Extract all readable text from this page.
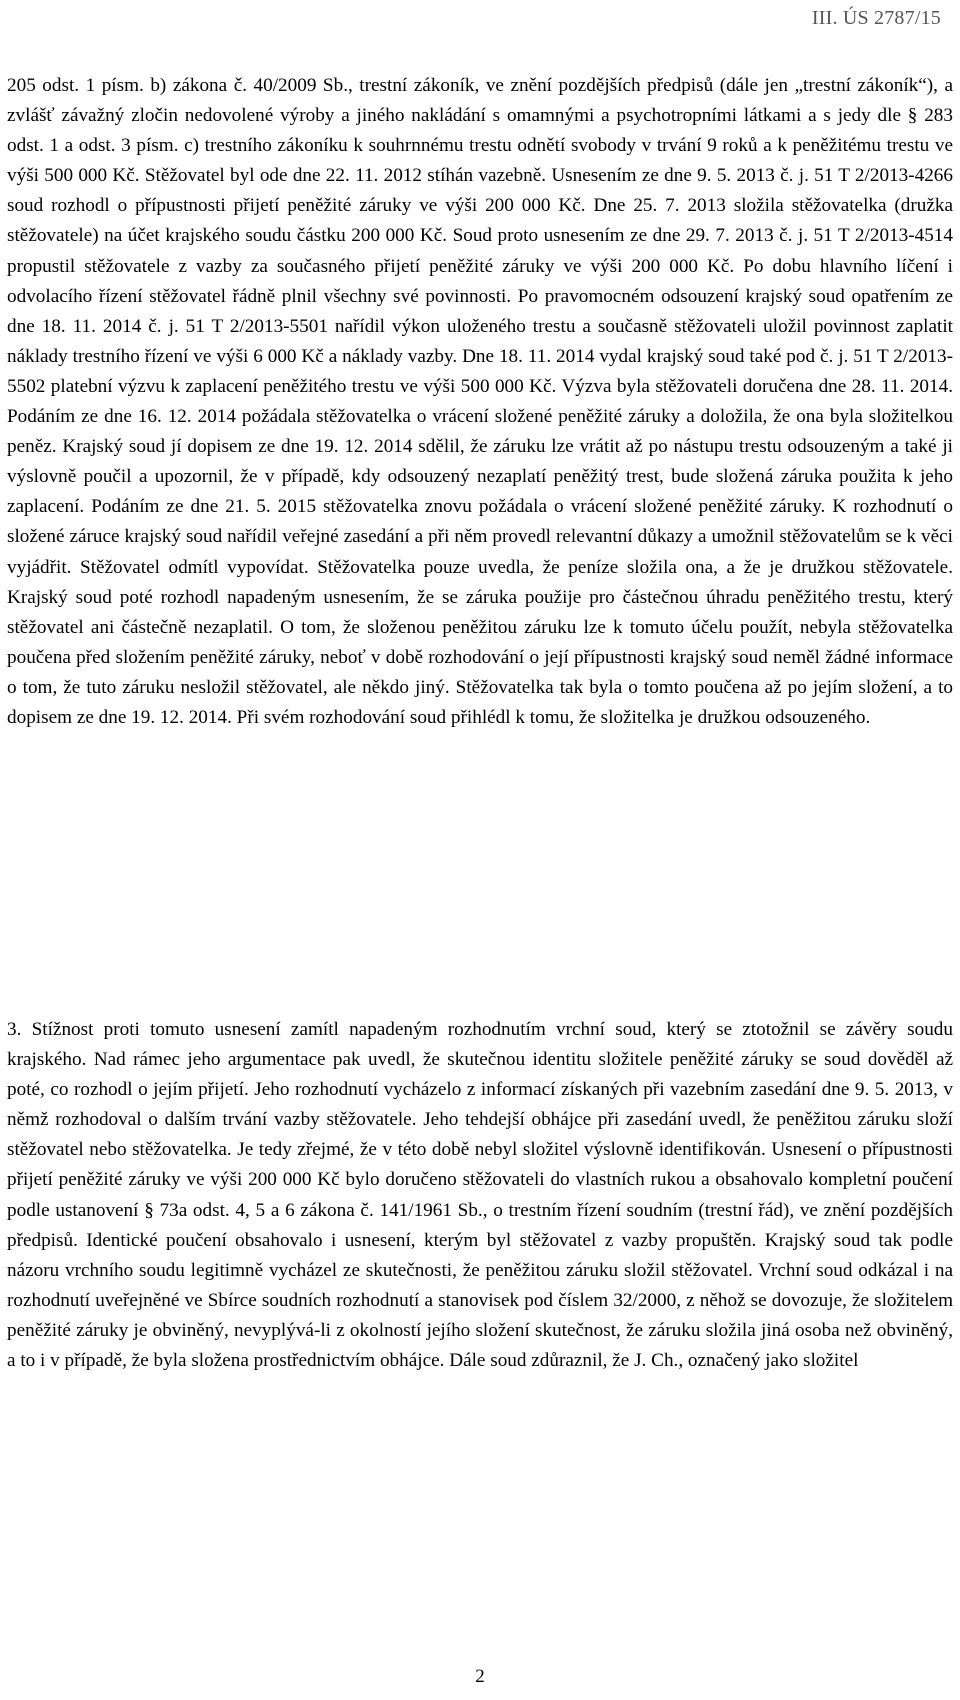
III. ÚS 2787/15

205 odst. 1 písm. b) zákona č. 40/2009 Sb., trestní zákoník, ve znění pozdějších předpisů (dále jen „trestní zákoník“), a zvlášť závažný zločin nedovolené výroby a jiného nakládání s omamnými a psychotropními látkami a s jedy dle § 283 odst. 1 a odst. 3 písm. c) trestního zákoníku k souhrnnému trestu odnětí svobody v trvání 9 roků a k peněžitému trestu ve výši 500 000 Kč. Stěžovatel byl ode dne 22. 11. 2012 stíhán vazebně. Usnesením ze dne 9. 5. 2013 č. j. 51 T 2/2013-4266 soud rozhodl o přípustnosti přijetí peněžité záruky ve výši 200 000 Kč. Dne 25. 7. 2013 složila stěžovatelka (družka stěžovatele) na účet krajského soudu částku 200 000 Kč. Soud proto usnesením ze dne 29. 7. 2013 č. j. 51 T 2/2013-4514 propustil stěžovatele z vazby za současného přijetí peněžité záruky ve výši 200 000 Kč. Po dobu hlavního líčení i odvolacího řízení stěžovatel řádně plnil všechny své povinnosti. Po pravomocném odsouzení krajský soud opatřením ze dne 18. 11. 2014 č. j. 51 T 2/2013-5501 nařídil výkon uloženého trestu a současně stěžovateli uložil povinnost zaplatit náklady trestního řízení ve výši 6 000 Kč a náklady vazby. Dne 18. 11. 2014 vydal krajský soud také pod č. j. 51 T 2/2013-5502 platební výzvu k zaplacení peněžitého trestu ve výši 500 000 Kč. Výzva byla stěžovateli doručena dne 28. 11. 2014. Podáním ze dne 16. 12. 2014 požádala stěžovatelka o vrácení složené peněžité záruky a doložila, že ona byla složitelkou peněz. Krajský soud jí dopisem ze dne 19. 12. 2014 sdělil, že záruku lze vrátit až po nástupu trestu odsouzeným a také ji výslovně poučil a upozornil, že v případě, kdy odsouzený nezaplatí peněžitý trest, bude složená záruka použita k jeho zaplacení. Podáním ze dne 21. 5. 2015 stěžovatelka znovu požádala o vrácení složené peněžité záruky. K rozhodnutí o složené záruce krajský soud nařídil veřejné zasedání a při něm provedl relevantní důkazy a umožnil stěžovatelům se k věci vyjádřit. Stěžovatel odmítl vypovídat. Stěžovatelka pouze uvedla, že peníze složila ona, a že je družkou stěžovatele. Krajský soud poté rozhodl napadeným usnesením, že se záruka použije pro částečnou úhradu peněžitého trestu, který stěžovatel ani částečně nezaplatil. O tom, že složenou peněžitou záruku lze k tomuto účelu použít, nebyla stěžovatelka poučena před složením peněžité záruky, neboť v době rozhodování o její přípustnosti krajský soud neměl žádné informace o tom, že tuto záruku nesložil stěžovatel, ale někdo jiný. Stěžovatelka tak byla o tomto poučena až po jejím složení, a to dopisem ze dne 19. 12. 2014. Při svém rozhodování soud přihlédl k tomu, že složitelka je družkou odsouzeného.

3. Stížnost proti tomuto usnesení zamítl napadeným rozhodnutím vrchní soud, který se ztotožnil se závěry soudu krajského. Nad rámec jeho argumentace pak uvedl, že skutečnou identitu složitele peněžité záruky se soud dověděl až poté, co rozhodl o jejím přijetí. Jeho rozhodnutí vycházelo z informací získaných při vazebním zasedání dne 9. 5. 2013, v němž rozhodoval o dalším trvání vazby stěžovatele. Jeho tehdejší obhájce při zasedání uvedl, že peněžitou záruku složí stěžovatel nebo stěžovatelka. Je tedy zřejmé, že v této době nebyl složitel výslovně identifikován. Usnesení o přípustnosti přijetí peněžité záruky ve výši 200 000 Kč bylo doručeno stěžovateli do vlastních rukou a obsahovalo kompletní poučení podle ustanovení § 73a odst. 4, 5 a 6 zákona č. 141/1961 Sb., o trestním řízení soudním (trestní řád), ve znění pozdějších předpisů. Identické poučení obsahovalo i usnesení, kterým byl stěžovatel z vazby propuštěn. Krajský soud tak podle názoru vrchního soudu legitimně vycházel ze skutečnosti, že peněžitou záruku složil stěžovatel. Vrchní soud odkázal i na rozhodnutí uveřejněné ve Sbírce soudních rozhodnutí a stanovisek pod číslem 32/2000, z něhož se dovozuje, že složitelem peněžité záruky je obviněný, nevyplývá-li z okolností jejího složení skutečnost, že záruku složila jiná osoba než obviněný, a to i v případě, že byla složena prostřednictvím obhájce. Dále soud zdůraznil, že J. Ch., označený jako složitel

2
